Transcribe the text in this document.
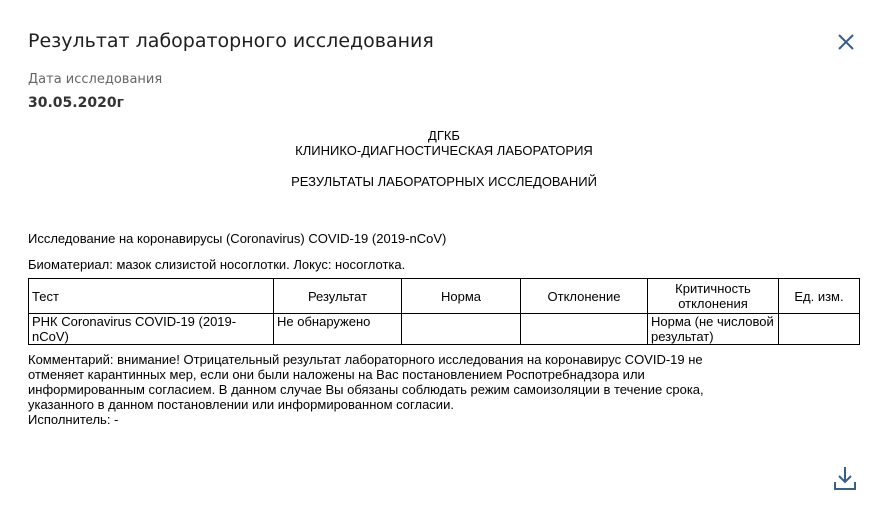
Результат лабораторного исследования
Дата исследования
30.05.2020г
ДГКБ
КЛИНИКО-ДИАГНОСТИЧЕСКАЯ ЛАБОРАТОРИЯ
РЕЗУЛЬТАТЫ ЛАБОРАТОРНЫХ ИССЛЕДОВАНИЙ
Исследование на коронавирусы (Coronavirus) COVID-19 (2019-nCoV)
Биоматериал: мазок слизистой носоглотки. Локус: носоглотка.
Тест	Результат	Норма	Отклонение	Критичность отклонения	Ед. изм.
РНК Coronavirus COVID-19 (2019-nCoV)	Не обнаружено			Норма (не числовой результат)	
Комментарий: внимание! Отрицательный результат лабораторного исследования на коронавирус COVID-19 не отменяет карантинных мер, если они были наложены на Вас постановлением Роспотребнадзора или информированным согласием. В данном случае Вы обязаны соблюдать режим самоизоляции в течение срока, указанного в данном постановлении или информированном согласии.
Исполнитель: -
